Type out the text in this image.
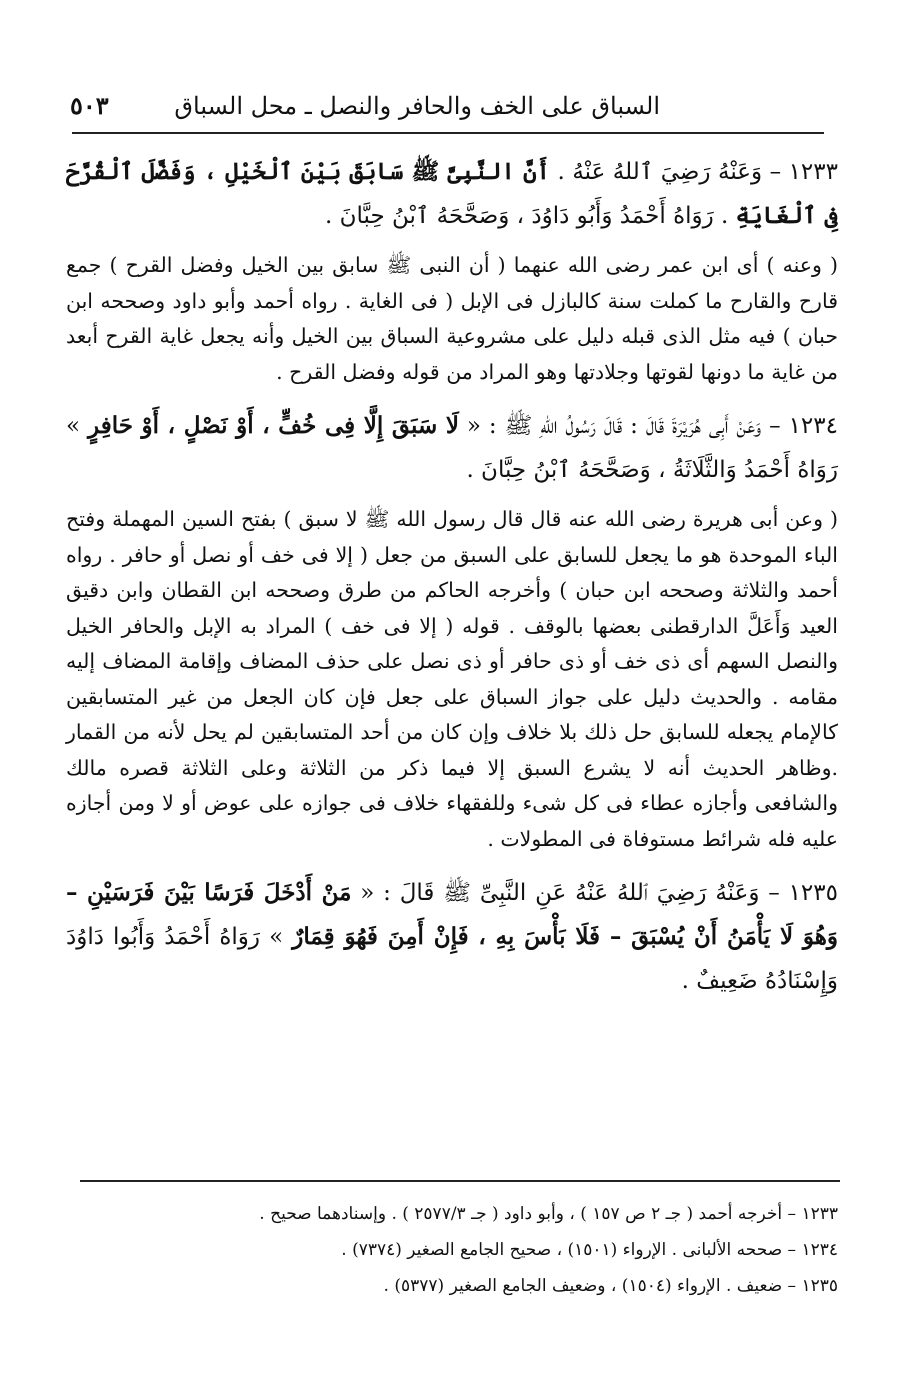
السباق على الخف والحافر والنصل ـ محل السباق
٥٠٣

١٢٣٣ – وَعَنْهُ رَضِيَ ٱللهُ عَنْهُ . أَنَّ النَّبِىَّ ﷺ سَابَقَ بَيْنَ ٱلْخَيْلِ ، وَفَضَّلَ ٱلْقُرَّحَ فِى ٱلْغَايَةِ . رَوَاهُ أَحْمَدُ وَأَبُو دَاوُدَ ، وَصَحَّحَهُ ٱبْنُ حِبَّانَ .

( وعنه ) أى ابن عمر رضى الله عنهما ( أن النبى ﷺ سابق بين الخيل وفضل القرح ) جمع قارح والقارح ما كملت سنة كالبازل فى الإبل ( فى الغاية . رواه أحمد وأبو داود وصححه ابن حبان ) فيه مثل الذى قبله دليل على مشروعية السباق بين الخيل وأنه يجعل غاية القرح أبعد من غاية ما دونها لقوتها وجلادتها وهو المراد من قوله وفضل القرح .

١٢٣٤ – وَعَنْ أَبِى هُرَيْرَةَ قَالَ : قَالَ رَسُولُ اللهِ ﷺ : « لَا سَبَقَ إِلَّا فِى خُفٍّ ، أَوْ نَصْلٍ ، أَوْ حَافِرٍ » رَوَاهُ أَحْمَدُ وَالثَّلَاثَةُ ، وَصَحَّحَهُ ٱبْنُ حِبَّانَ .

( وعن أبى هريرة رضى الله عنه قال قال رسول الله ﷺ لا سبق ) بفتح السين المهملة وفتح الباء الموحدة هو ما يجعل للسابق على السبق من جعل ( إلا فى خف أو نصل أو حافر . رواه أحمد والثلاثة وصححه ابن حبان ) وأخرجه الحاكم من طرق وصححه ابن القطان وابن دقيق العيد وَأَعَلَّ الدارقطنى بعضها بالوقف . قوله ( إلا فى خف ) المراد به الإبل والحافر الخيل والنصل السهم أى ذى خف أو ذى حافر أو ذى نصل على حذف المضاف وإقامة المضاف إليه مقامه . والحديث دليل على جواز السباق على جعل فإن كان الجعل من غير المتسابقين كالإمام يجعله للسابق حل ذلك بلا خلاف وإن كان من أحد المتسابقين لم يحل لأنه من القمار .وظاهر الحديث أنه لا يشرع السبق إلا فيما ذكر من الثلاثة وعلى الثلاثة قصره مالك والشافعى وأجازه عطاء فى كل شىء وللفقهاء خلاف فى جوازه على عوض أو لا ومن أجازه عليه فله شرائط مستوفاة فى المطولات .

١٢٣٥ – وَعَنْهُ رَضِيَ ٱللهُ عَنْهُ عَنِ النَّبِىِّ ﷺ قَالَ : « مَنْ أَدْخَلَ فَرَسًا بَيْنَ فَرَسَيْنِ – وَهُوَ لَا يَأْمَنُ أَنْ يُسْبَقَ – فَلَا بَأْسَ بِهِ ، فَإِنْ أَمِنَ فَهُوَ قِمَارٌ » رَوَاهُ أَحْمَدُ وَأَبُوا دَاوُدَ وَإِسْنَادُهُ ضَعِيفٌ .

١٢٣٣ – أخرجه أحمد ( جـ ٢ ص ١٥٧ ) ، وأبو داود ( جـ ٢٥٧٧/٣ ) . وإسنادهما صحيح .

١٢٣٤ – صححه الألبانى . الإرواء (١٥٠١) ، صحيح الجامع الصغير (٧٣٧٤) .

١٢٣٥ – ضعيف . الإرواء (١٥٠٤) ، وضعيف الجامع الصغير (٥٣٧٧) .
